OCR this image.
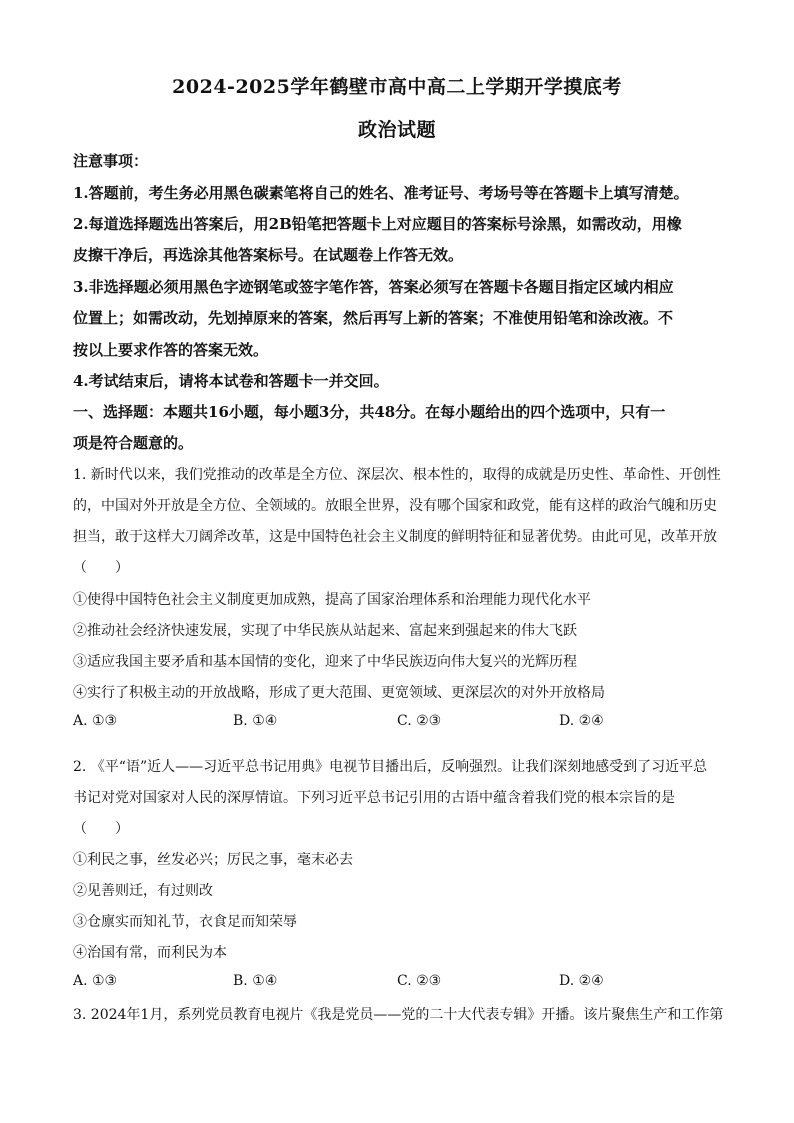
2024-2025学年鹤壁市高中高二上学期开学摸底考
政治试题
注意事项：
1.答题前，考生务必用黑色碳素笔将自己的姓名、准考证号、考场号等在答题卡上填写清楚。
2.每道选择题选出答案后，用2B铅笔把答题卡上对应题目的答案标号涂黑，如需改动，用橡
皮擦干净后，再选涂其他答案标号。在试题卷上作答无效。
3.非选择题必须用黑色字迹钢笔或签字笔作答，答案必须写在答题卡各题目指定区域内相应
位置上；如需改动，先划掉原来的答案，然后再写上新的答案；不准使用铅笔和涂改液。不
按以上要求作答的答案无效。
4.考试结束后，请将本试卷和答题卡一并交回。
一、选择题：本题共16小题，每小题3分，共48分。在每小题给出的四个选项中，只有一
项是符合题意的。
1. 新时代以来，我们党推动的改革是全方位、深层次、根本性的，取得的成就是历史性、革命性、开创性
的，中国对外开放是全方位、全领域的。放眼全世界，没有哪个国家和政党，能有这样的政治气魄和历史
担当，敢于这样大刀阔斧改革，这是中国特色社会主义制度的鲜明特征和显著优势。由此可见，改革开放
（　　）
①使得中国特色社会主义制度更加成熟，提高了国家治理体系和治理能力现代化水平
②推动社会经济快速发展，实现了中华民族从站起来、富起来到强起来的伟大飞跃
③适应我国主要矛盾和基本国情的变化，迎来了中华民族迈向伟大复兴的光辉历程
④实行了积极主动的开放战略，形成了更大范围、更宽领域、更深层次的对外开放格局
A. ①③	B. ①④	C. ②③	D. ②④
2. 《平“语”近人——习近平总书记用典》电视节目播出后，反响强烈。让我们深刻地感受到了习近平总
书记对党对国家对人民的深厚情谊。下列习近平总书记引用的古语中蕴含着我们党的根本宗旨的是
（　　）
①利民之事，丝发必兴；厉民之事，毫末必去
②见善则迁，有过则改
③仓廪实而知礼节，衣食足而知荣辱
④治国有常，而利民为本
A. ①③	B. ①④	C. ②③	D. ②④
3. 2024年1月，系列党员教育电视片《我是党员——党的二十大代表专辑》开播。该片聚焦生产和工作第
